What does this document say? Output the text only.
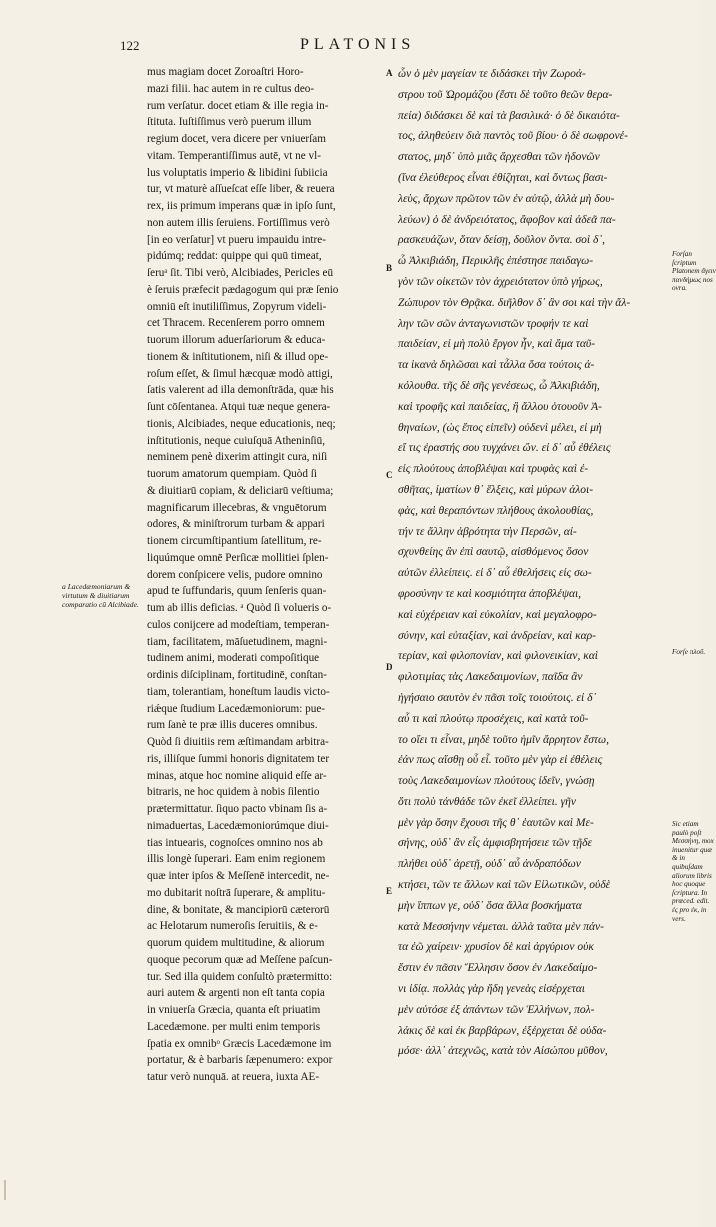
122	PLATONIS
mus magiam docet Zoroaſtri Horo-
mazi filii. hac autem in re cultus deo-
rum verſatur. docet etiam & ille regia in-
ſtituta. Iuſtiſſimus verò puerum illum
regium docet, vera dicere per vniuerſam
vitam. Temperantiſſimus autē, vt ne vl-
lus voluptatis imperio & libidini ſubiicia
tur, vt maturè aſſueſcat eſſe liber, & reuera
rex, iis primum imperans quæ in ipſo ſunt,
non autem illis ſeruiens. Fortiſſimus verò
[in eo verſatur] vt pueru impauidu intre-
pidúmq; reddat: quippe qui quū timeat,
ſeruᵃ ſit. Tibi verò, Alcibiades, Pericles eū
è ſeruis præfecit pædagogum qui præ ſenio
omniū eſt inutiliſſimus, Zopyrum videli-
cet Thracem. Recenſerem porro omnem
tuorum illorum aduerſariorum & educa-
tionem & inſtitutionem, niſi & illud ope-
roſum eſſet, & ſimul hæcquæ modò attigi,
ſatis valerent ad illa demonſtrāda, quæ his
ſunt cōſentanea. Atqui tuæ neque genera-
tionis, Alcibiades, neque educationis, neq;
inſtitutionis, neque cuiuſquā Atheninſiū,
neminem penè dixerim attingit cura, niſi
tuorum amatorum quempiam. Quòd ſi
& diuitiarū copiam, & deliciarū veſtiuma;
magnificarum illecebras, & vnguētorum
odores, & miniſtrorum turbam & appari
tionem circumſtipantium ſatellitum, re-
liquúmque omnē Perſicæ mollitiei ſplen-
dorem conſpicere velis, pudore omnino
apud te ſuffundaris, quum ſenſeris quan-
tum ab illis deficias. ᵃ Quòd ſi volueris o-
culos conijcere ad modeſtiam, temperan-
tiam, facilitatem, māſuetudinem, magni-
tudinem animi, moderati compoſitique
ordinis diſciplinam, fortitudinē, conſtan-
tiam, tolerantiam, honeſtum laudis victo-
riǽque ſtudium Lacedæmoniorum: pue-
rum ſanè te præ illis duceres omnibus.
Quòd ſi diuitiis rem æſtimandam arbitra-
ris, illiſque ſummi honoris dignitatem ter
minas, atque hoc nomine aliquid eſſe ar-
bitraris, ne hoc quidem à nobis ſilentio
prætermittatur. ſiquo pacto vbinam ſis a-
nimaduertas, Lacedæmoniorúmque diui-
tias intuearis, cognoſces omnino nos ab
illis longè ſuperari. Eam enim regionem
quæ inter ipſos & Meſſenē intercedit, ne-
mo dubitarit noſtrā ſuperare, & amplitu-
dine, & bonitate, & mancipiorū cæterorū
ac Helotarum numeroſis ſeruitiis, & e-
quorum quidem multitudine, & aliorum
quoque pecorum quæ ad Meſſene paſcun-
tur. Sed illa quidem conſultò prætermitto:
auri autem & argenti non eſt tanta copia
in vniuerſa Græcia, quanta eſt priuatim
Lacedæmone. per multi enim temporis
ſpatia ex omnibᵒ Græcis Lacedæmone im
portatur, & è barbaris ſæpenumero: expor
tatur verò nunquā. at reuera, iuxta AE-
A
B
C
D
E
ὧν ὁ μὲν μαγείαν τε διδάσκει τὴν Ζωροά-
στρου τοῦ Ὡρομάζου (ἔστι δὲ τοῦτο θεῶν θερα-
πεία) διδάσκει δὲ καὶ τὰ βασιλικά· ὁ δὲ δικαιότα-
τος, ἀληθεύειν διὰ παντὸς τοῦ βίου· ὁ δὲ σωφρονέ-
στατος, μηδ᾽ ὑπὸ μιᾶς ἄρχεσθαι τῶν ἡδονῶν
(ἵνα ἐλεύθερος εἶναι ἐθίζηται, καὶ ὄντως βασι-
λεὺς, ἄρχων πρῶτον τῶν ἐν αὑτῷ, ἀλλὰ μὴ δου-
λεύων) ὁ δὲ ἀνδρειότατος, ἄφοβον καὶ ἀδεᾶ πα-
ρασκευάζων, ὅταν δείσῃ, δοῦλον ὄντα. σοὶ δ᾽,
ὦ Ἀλκιβιάδη, Περικλῆς ἐπέστησε παιδαγω-
γὸν τῶν οἰκετῶν τὸν ἀχρειότατον ὑπὸ γήρως,
Ζώπυρον τὸν Θρᾷκα. διῆλθον δ᾽ ἂν σοι καὶ τὴν ἄλ-
λην τῶν σῶν ἀνταγωνιστῶν τροφήν τε καὶ
παιδείαν, εἰ μὴ πολὺ ἔργον ἦν, καὶ ἅμα ταῦ-
τα ἱκανὰ δηλῶσαι καὶ τἆλλα ὅσα τούτοις ἀ-
κόλουθα. τῆς δὲ σῆς γενέσεως, ὦ Ἀλκιβιάδη,
καὶ τροφῆς καὶ παιδείας, ἢ ἄλλου ὁτουοῦν Ἀ-
θηναίων, (ὡς ἔπος εἰπεῖν) οὐδενὶ μέλει, εἰ μὴ
εἴ τις ἐραστής σου τυγχάνει ὤν. εἰ δ᾽ αὖ ἐθέλεις
εἰς πλούτους ἀποβλέψαι καὶ τρυφὰς καὶ ἐ-
σθῆτας, ἱματίων θ᾽ ἕλξεις, καὶ μύρων ἀλοι-
φὰς, καὶ θεραπόντων πλήθους ἀκολουθίας,
τήν τε ἄλλην ἁβρότητα τὴν Περσῶν, αἰ-
σχυνθείης ἂν ἐπὶ σαυτῷ, αἰσθόμενος ὅσον
αὐτῶν ἐλλείπεις. εἰ δ᾽ αὖ ἐθελήσεις εἰς σω-
φροσύνην τε καὶ κοσμιότητα ἀποβλέψαι,
καὶ εὐχέρειαν καὶ εὐκολίαν, καὶ μεγαλοφρο-
σύνην, καὶ εὐταξίαν, καὶ ἀνδρείαν, καὶ καρ-
τερίαν, καὶ φιλοπονίαν, καὶ φιλονεικίαν, καὶ
φιλοτιμίας τὰς Λακεδαιμονίων, παῖδα ἂν
ἡγήσαιο σαυτὸν ἐν πᾶσι τοῖς τοιούτοις. εἰ δ᾽
αὖ τι καὶ πλούτῳ προσέχεις, καὶ κατὰ τοῦ-
το οἴει τι εἶναι, μηδὲ τοῦτο ἡμῖν ἄρρητον ἔστω,
ἐάν πως αἴσθῃ οὗ εἶ. τοῦτο μὲν γὰρ εἰ ἐθέλεις
τοὺς Λακεδαιμονίων πλούτους ἰδεῖν, γνώσῃ
ὅτι πολὺ τἀνθάδε τῶν ἐκεῖ ἐλλείπει. γῆν
μὲν γὰρ ὅσην ἔχουσι τῆς θ᾽ ἑαυτῶν καὶ Με-
σήνης, οὐδ᾽ ἂν εἷς ἀμφισβητήσειε τῶν τῇδε
πλήθει οὐδ᾽ ἀρετῇ, οὐδ᾽ αὖ ἀνδραπόδων
κτήσει, τῶν τε ἄλλων καὶ τῶν Εἱλωτικῶν, οὐδὲ
μὴν ἵππων γε, οὐδ᾽ ὅσα ἄλλα βοσκήματα
κατὰ Μεσσήνην νέμεται. ἀλλὰ ταῦτα μὲν πάν-
τα ἐῶ χαίρειν· χρυσίον δὲ καὶ ἀργύριον οὐκ
ἔστιν ἐν πᾶσιν Ἕλλησιν ὅσον ἐν Λακεδαίμο-
νι ἰδίᾳ. πολλὰς γὰρ ἤδη γενεὰς εἰσέρχεται
μὲν αὐτόσε ἐξ ἁπάντων τῶν Ἑλλήνων, πολ-
λάκις δὲ καὶ ἐκ βαρβάρων, ἐξέρχεται δὲ οὐδα-
μόσε· ἀλλ᾽ ἀτεχνῶς, κατὰ τὸν Αἰσώπου μῦθον,
a Lacedæmoniarum & virtutum & diuitiarum comparatio cū Alcibiade.
Forſan ſcriptum Platonem ἄγειν πανδήμως nos ovra.
Forſe πλοῦ.
Sic etiam paulò poſt Μεσσήνη, mox inuenitur quæ & in quibuſdam aliorum libris hoc quoque ſcriptura. In prœced. edit. ἐς pro ἐκ, in vers.
